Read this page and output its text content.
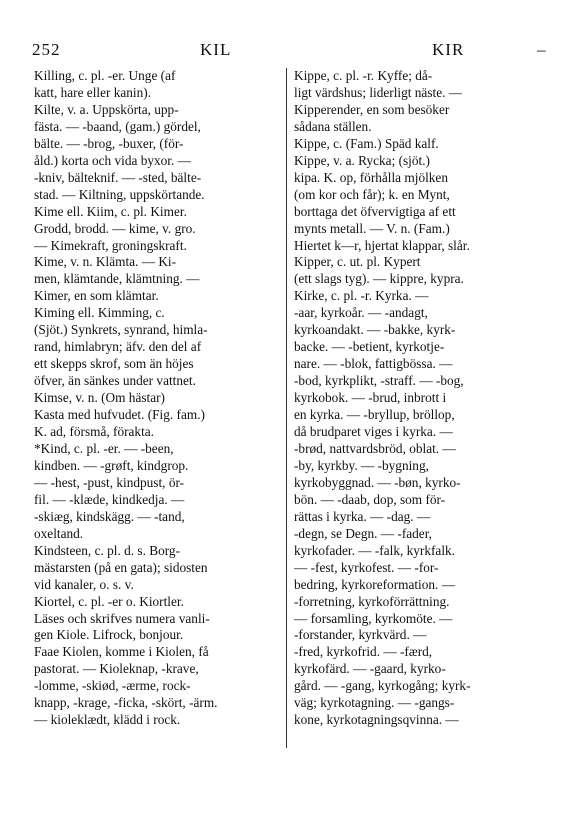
252	KIL	KIR	–
Killing, c. pl. -er. Unge (af
katt, hare eller kanin).
Kilte, v. a. Uppskörta, upp-
fästa. — -baand, (gam.) gördel,
bälte. — -brog, -buxer, (för-
åld.) korta och vida byxor. —
-kniv, bälteknif. — -sted, bälte-
stad. — Kiltning, uppskörtande.
Kime ell. Kiim, c. pl. Kimer.
Grodd, brodd. — kime, v. gro.
— Kimekraft, groningskraft.
Kime, v. n. Klämta. — Ki-
men, klämtande, klämtning. —
Kimer, en som klämtar.
Kiming ell. Kimming, c.
(Sjöt.) Synkrets, synrand, himla-
rand, himlabryn; äfv. den del af
ett skepps skrof, som än höjes
öfver, än sänkes under vattnet.
Kimse, v. n. (Om hästar)
Kasta med hufvudet. (Fig. fam.)
K. ad, försmå, förakta.
*Kind, c. pl. -er. — -been,
kindben. — -grøft, kindgrop.
— -hest, -pust, kindpust, ör-
fil. — -klæde, kindkedja. —
-skiæg, kindskägg. — -tand,
oxeltand.
Kindsteen, c. pl. d. s. Borg-
mästarsten (på en gata); sidosten
vid kanaler, o. s. v.
Kiortel, c. pl. -er o. Kiortler.
Läses och skrifves numera vanli-
gen Kiole. Lifrock, bonjour.
Faae Kiolen, komme i Kiolen, få
pastorat. — Kioleknap, -krave,
-lomme, -skiød, -ærme, rock-
knapp, -krage, -ficka, -skört, -ärm.
— kiolеklædt, klädd i rock.
Kippe, c. pl. -r. Kyffe; då-
ligt värdshus; liderligt näste. —
Kipperender, en som besöker
sådana ställen.
Kippe, c. (Fam.) Späd kalf.
Kippe, v. a. Rycka; (sjöt.)
kipa. K. op, förhålla mjölken
(om kor och får); k. en Mynt,
borttaga det öfvervigtiga af ett
mynts metall. — V. n. (Fam.)
Hiertet k—r, hjertat klappar, slår.
Kipper, c. ut. pl. Kypert
(ett slags tyg). — kippre, kypra.
Kirke, c. pl. -r. Kyrka. —
-aar, kyrkoår. — -andagt,
kyrkoandakt. — -bakke, kyrk-
backe. — -betient, kyrkotje-
nare. — -blok, fattigbössa. —
-bod, kyrkplikt, -straff. — -bog,
kyrkobok. — -brud, inbrott i
en kyrka. — -bryllup, bröllop,
då brudparet viges i kyrka. —
-brød, nattvardsbröd, oblat. —
-by, kyrkby. — -bygning,
kyrkobyggnad. — -bøn, kyrko-
bön. — -daab, dop, som för-
rättas i kyrka. — -dag. —
-degn, se Degn. — -fader,
kyrkofader. — -falk, kyrkfalk.
— -fest, kyrkofest. — -for-
bedring, kyrkoreformation. —
-forretning, kyrkoförrättning.
— forsamling, kyrkomöte. —
-forstander, kyrkvärd. —
-fred, kyrkofrid. — -færd,
kyrkofärd. — -gaard, kyrko-
gård. — -gang, kyrkogång; kyrk-
väg; kyrkotagning. — -gangs-
kone, kyrkotagningsqvinna. —
